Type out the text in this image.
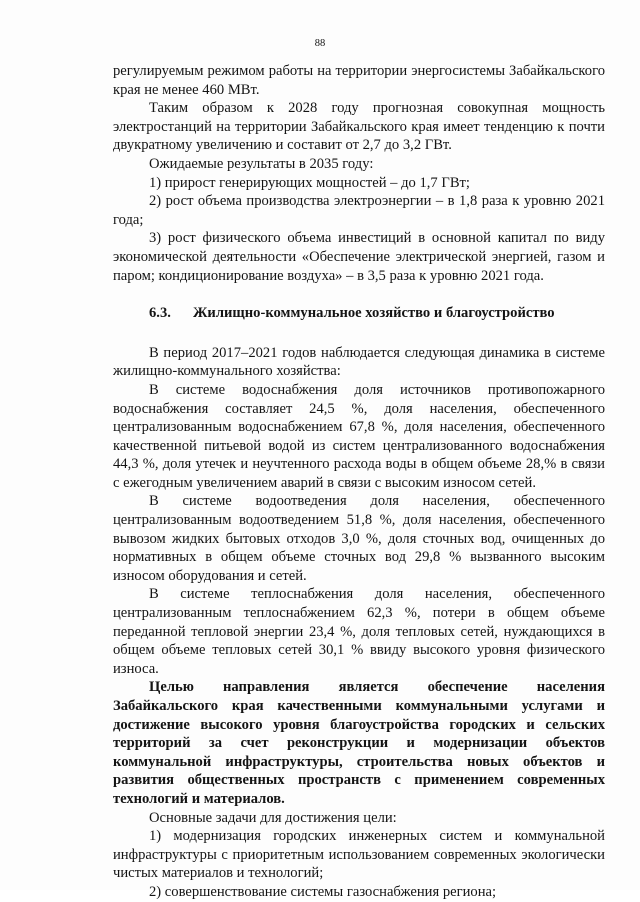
88

регулируемым режимом работы на территории энергосистемы Забайкальского края не менее 460 МВт.

Таким образом к 2028 году прогнозная совокупная мощность электростанций на территории Забайкальского края имеет тенденцию к почти двукратному увеличению и составит от 2,7 до 3,2 ГВт.

Ожидаемые результаты в 2035 году:

1) прирост генерирующих мощностей – до 1,7 ГВт;

2) рост объема производства электроэнергии – в 1,8 раза к уровню 2021 года;

3) рост физического объема инвестиций в основной капитал по виду экономической деятельности «Обеспечение электрической энергией, газом и паром; кондиционирование воздуха» – в 3,5 раза к уровню 2021 года.

6.3. Жилищно-коммунальное хозяйство и благоустройство

В период 2017–2021 годов наблюдается следующая динамика в системе жилищно-коммунального хозяйства:

В системе водоснабжения доля источников противопожарного водоснабжения составляет 24,5 %, доля населения, обеспеченного централизованным водоснабжением 67,8 %, доля населения, обеспеченного качественной питьевой водой из систем централизованного водоснабжения 44,3 %, доля утечек и неучтенного расхода воды в общем объеме 28,% в связи с ежегодным увеличением аварий в связи с высоким износом сетей.

В системе водоотведения доля населения, обеспеченного централизованным водоотведением 51,8 %, доля населения, обеспеченного вывозом жидких бытовых отходов 3,0 %, доля сточных вод, очищенных до нормативных в общем объеме сточных вод 29,8 % вызванного высоким износом оборудования и сетей.

В системе теплоснабжения доля населения, обеспеченного централизованным теплоснабжением 62,3 %, потери в общем объеме переданной тепловой энергии 23,4 %, доля тепловых сетей, нуждающихся в общем объеме тепловых сетей 30,1 % ввиду высокого уровня физического износа.

Целью направления является обеспечение населения Забайкальского края качественными коммунальными услугами и достижение высокого уровня благоустройства городских и сельских территорий за счет реконструкции и модернизации объектов коммунальной инфраструктуры, строительства новых объектов и развития общественных пространств с применением современных технологий и материалов.

Основные задачи для достижения цели:

1) модернизация городских инженерных систем и коммунальной инфраструктуры с приоритетным использованием современных экологически чистых материалов и технологий;

2) совершенствование системы газоснабжения региона;
